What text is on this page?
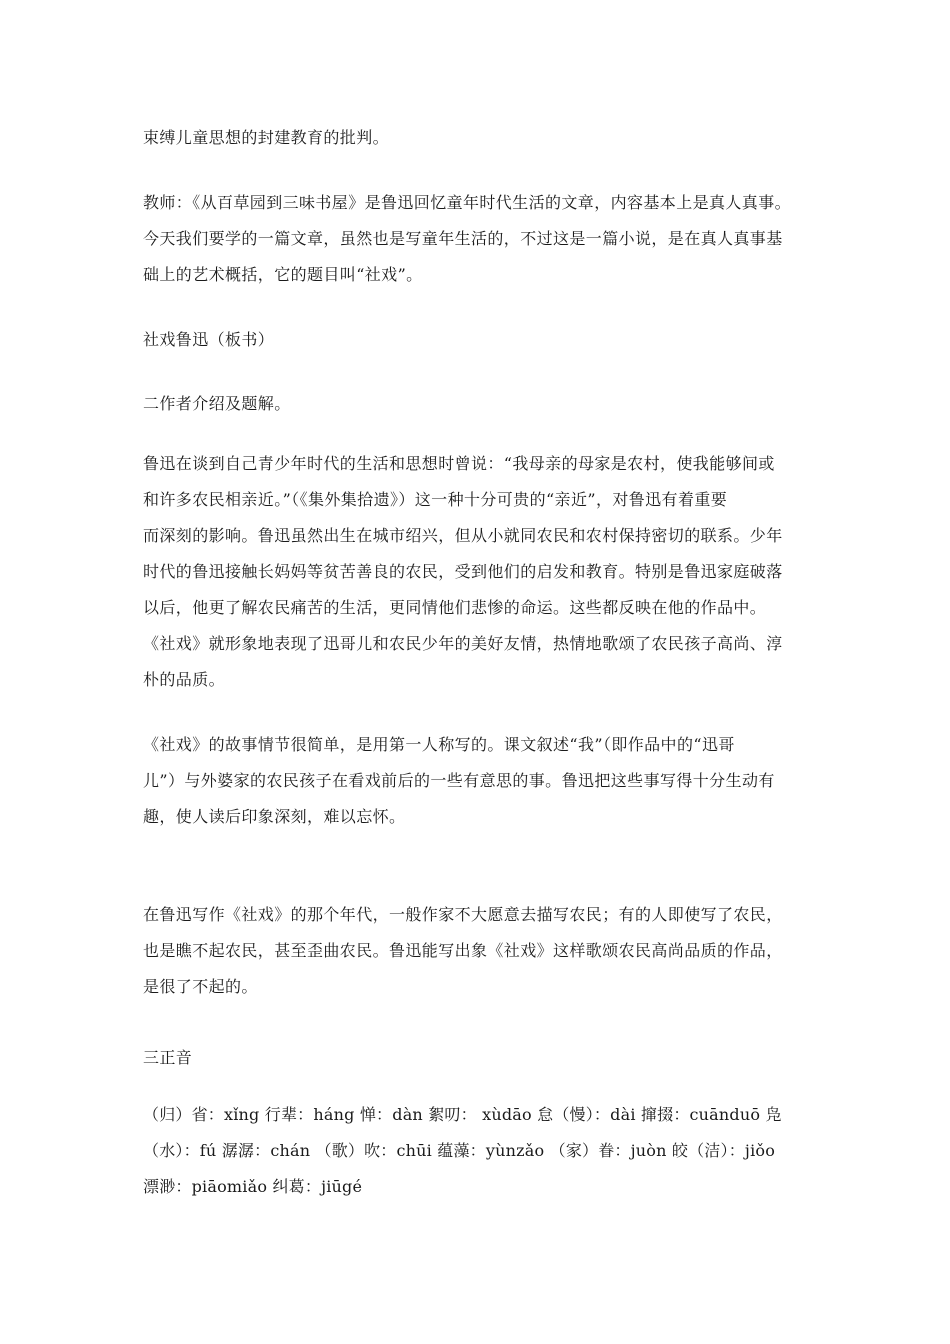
束缚儿童思想的封建教育的批判。

教师：《从百草园到三味书屋》是鲁迅回忆童年时代生活的文章，内容基本上是真人真事。
今天我们要学的一篇文章，虽然也是写童年生活的，不过这是一篇小说，是在真人真事基
础上的艺术概括，它的题目叫“社戏”。

社戏鲁迅（板书）

二作者介绍及题解。

鲁迅在谈到自己青少年时代的生活和思想时曾说：“我母亲的母家是农村，使我能够间或
和许多农民相亲近。”（《集外集拾遗》）这一种十分可贵的“亲近”，对鲁迅有着重要
而深刻的影响。鲁迅虽然出生在城市绍兴，但从小就同农民和农村保持密切的联系。少年
时代的鲁迅接触长妈妈等贫苦善良的农民，受到他们的启发和教育。特别是鲁迅家庭破落
以后，他更了解农民痛苦的生活，更同情他们悲惨的命运。这些都反映在他的作品中。
《社戏》就形象地表现了迅哥儿和农民少年的美好友情，热情地歌颂了农民孩子高尚、淳
朴的品质。

《社戏》的故事情节很简单，是用第一人称写的。课文叙述“我”（即作品中的“迅哥
儿”）与外婆家的农民孩子在看戏前后的一些有意思的事。鲁迅把这些事写得十分生动有
趣，使人读后印象深刻，难以忘怀。

在鲁迅写作《社戏》的那个年代，一般作家不大愿意去描写农民；有的人即使写了农民，
也是瞧不起农民，甚至歪曲农民。鲁迅能写出象《社戏》这样歌颂农民高尚品质的作品，
是很了不起的。

三正音

（归）省：xǐng 行辈：háng 惮：dàn 絮叨： xùdāo 怠（慢）：dài 撺掇：cuānduō 凫
（水）：fú 潺潺：chán （歌）吹：chūi 蕴藻：yùnzǎo （家）眷：juòn 皎（洁）：jiǒo
漂渺：piāomiǎo 纠葛：jiūgé
